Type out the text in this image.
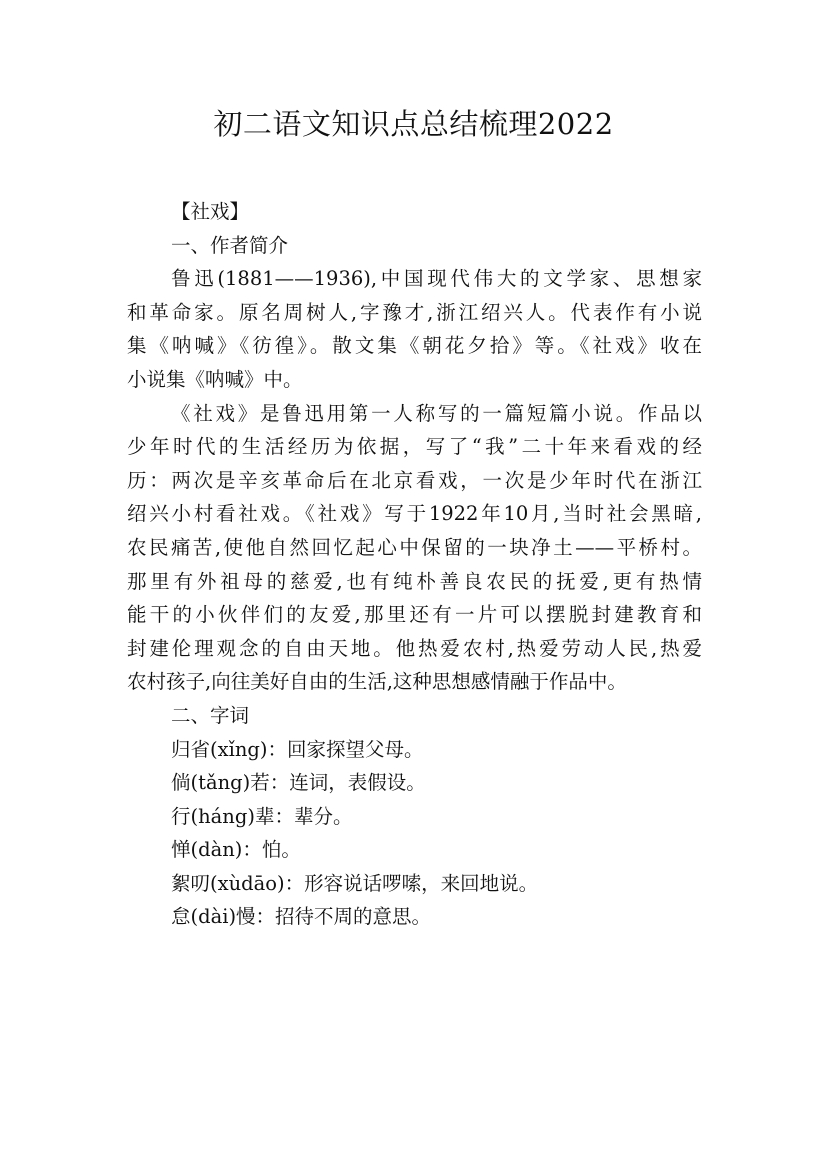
初二语文知识点总结梳理2022
【社戏】
一、作者简介
鲁迅(1881——1936),中国现代伟大的文学家、思想家
和革命家。原名周树人,字豫才,浙江绍兴人。代表作有小说
集《呐喊》《彷徨》。散文集《朝花夕拾》等。《社戏》收在
小说集《呐喊》中。
《社戏》是鲁迅用第一人称写的一篇短篇小说。作品以
少年时代的生活经历为依据，写了“我”二十年来看戏的经
历：两次是辛亥革命后在北京看戏，一次是少年时代在浙江
绍兴小村看社戏。《社戏》写于1922年10月,当时社会黑暗,
农民痛苦,使他自然回忆起心中保留的一块净土——平桥村。
那里有外祖母的慈爱,也有纯朴善良农民的抚爱,更有热情
能干的小伙伴们的友爱,那里还有一片可以摆脱封建教育和
封建伦理观念的自由天地。他热爱农村,热爱劳动人民,热爱
农村孩子,向往美好自由的生活,这种思想感情融于作品中。
二、字词
归省(xǐng)：回家探望父母。
倘(tǎng)若：连词，表假设。
行(háng)辈：辈分。
惮(dàn)：怕。
絮叨(xùdāo)：形容说话啰嗦，来回地说。
怠(dài)慢：招待不周的意思。
